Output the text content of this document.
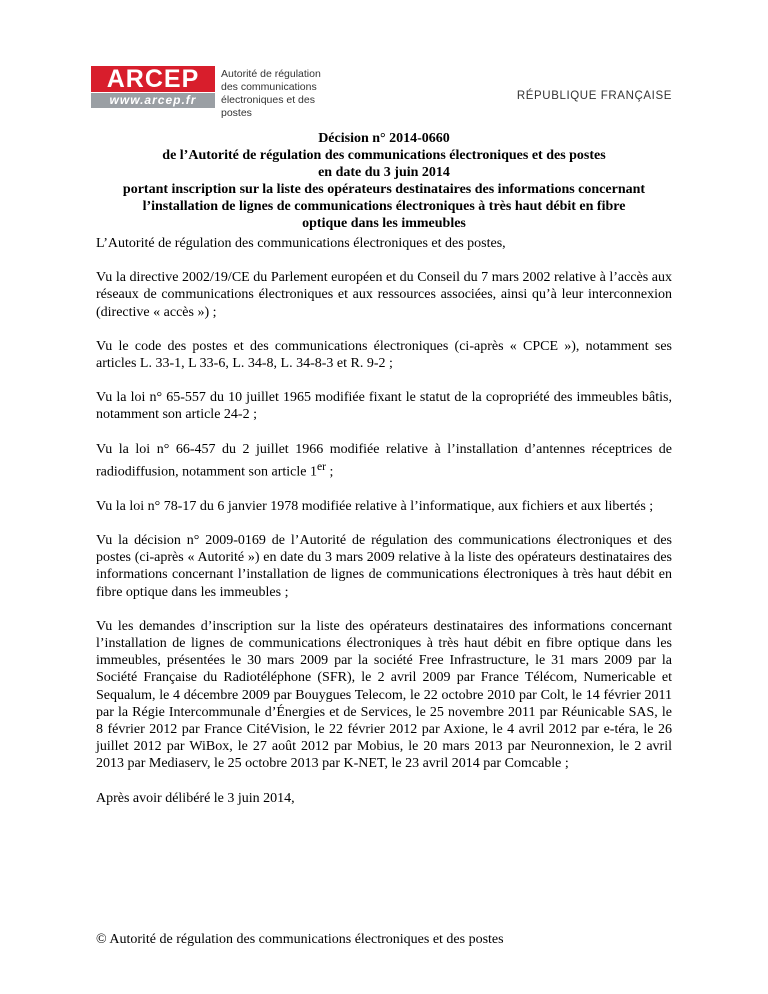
ARCEP
www.arcep.fr
Autorité de régulation
des communications
électroniques et des postes
RÉPUBLIQUE FRANÇAISE
Décision n° 2014-0660
de l’Autorité de régulation des communications électroniques et des postes
en date du 3 juin 2014
portant inscription sur la liste des opérateurs destinataires des informations concernant
l’installation de lignes de communications électroniques à très haut débit en fibre
optique dans les immeubles

L’Autorité de régulation des communications électroniques et des postes,

Vu la directive 2002/19/CE du Parlement européen et du Conseil du 7 mars 2002 relative à l’accès aux réseaux de communications électroniques et aux ressources associées, ainsi qu’à leur interconnexion (directive « accès ») ;

Vu le code des postes et des communications électroniques (ci-après « CPCE »), notamment ses articles L. 33-1, L 33-6, L. 34-8, L. 34-8-3 et R. 9-2 ;

Vu la loi n° 65-557 du 10 juillet 1965 modifiée fixant le statut de la copropriété des immeubles bâtis, notamment son article 24-2 ;

Vu la loi n° 66-457 du 2 juillet 1966 modifiée relative à l’installation d’antennes réceptrices de radiodiffusion, notamment son article 1er ;

Vu la loi n° 78-17 du 6 janvier 1978 modifiée relative à l’informatique, aux fichiers et aux libertés ;

Vu la décision n° 2009-0169 de l’Autorité de régulation des communications électroniques et des postes (ci-après « Autorité ») en date du 3 mars 2009 relative à la liste des opérateurs destinataires des informations concernant l’installation de lignes de communications électroniques à très haut débit en fibre optique dans les immeubles ;

Vu les demandes d’inscription sur la liste des opérateurs destinataires des informations concernant l’installation de lignes de communications électroniques à très haut débit en fibre optique dans les immeubles, présentées le 30 mars 2009 par la société Free Infrastructure, le 31 mars 2009 par la Société Française du Radiotéléphone (SFR), le 2 avril 2009 par France Télécom, Numericable et Sequalum, le 4 décembre 2009 par Bouygues Telecom, le 22 octobre 2010 par Colt, le 14 février 2011 par la Régie Intercommunale d’Énergies et de Services, le 25 novembre 2011 par Réunicable SAS, le 8 février 2012 par France CitéVision, le 22 février 2012 par Axione, le 4 avril 2012 par e-téra, le 26 juillet 2012 par WiBox, le 27 août 2012 par Mobius, le 20 mars 2013 par Neuronnexion, le 2 avril 2013 par Mediaserv, le 25 octobre 2013 par K-NET, le 23 avril 2014 par Comcable ;

Après avoir délibéré le 3 juin 2014,

© Autorité de régulation des communications électroniques et des postes
